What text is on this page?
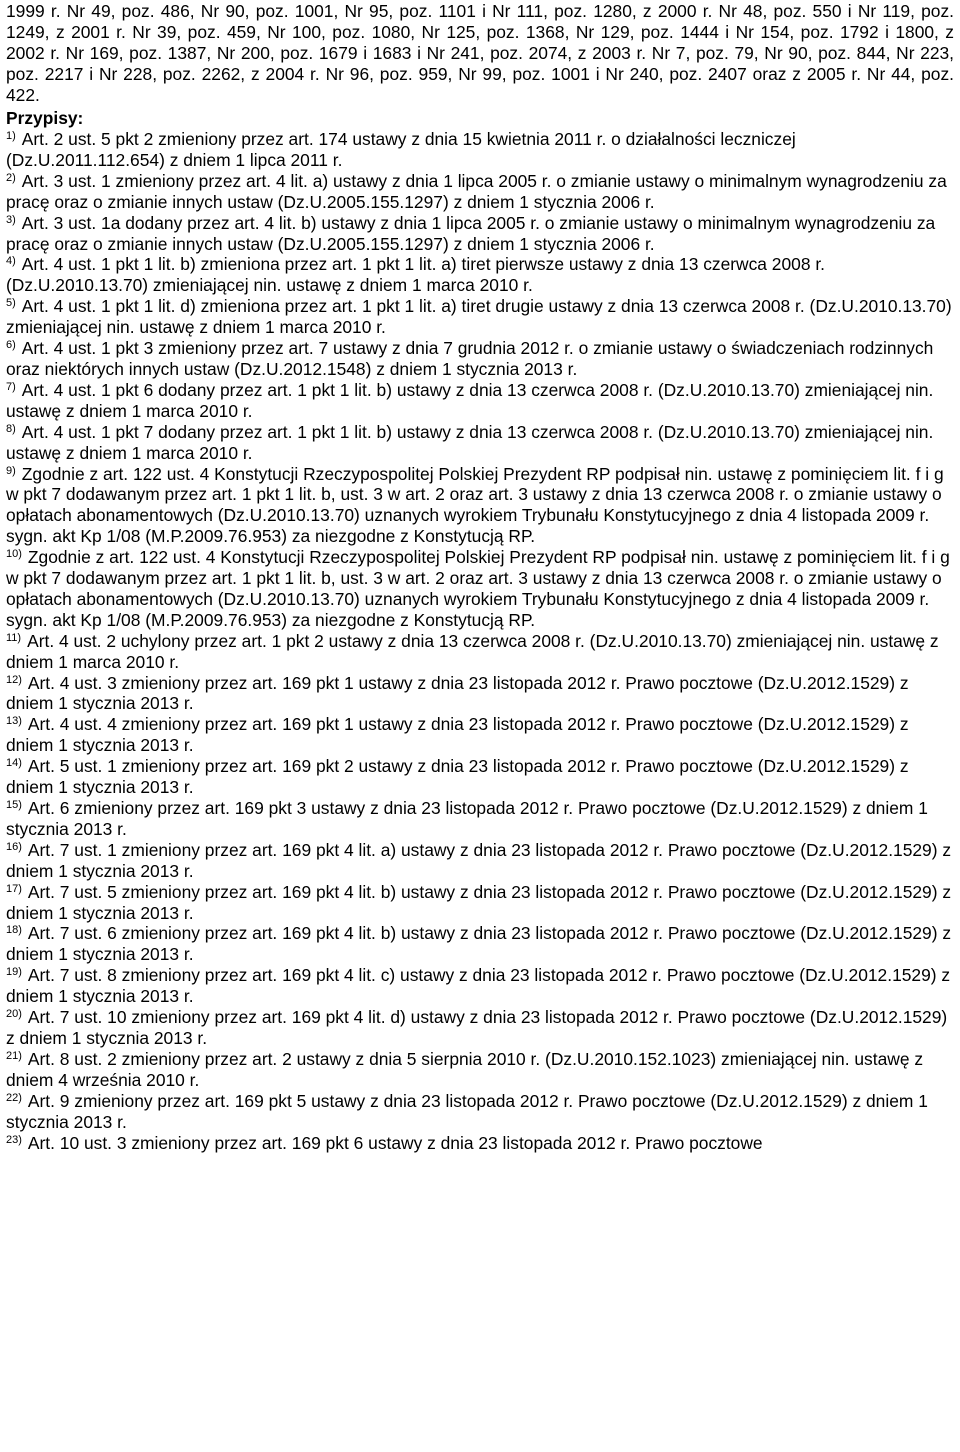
1999 r. Nr 49, poz. 486, Nr 90, poz. 1001, Nr 95, poz. 1101 i Nr 111, poz. 1280, z 2000 r. Nr 48, poz. 550 i Nr 119, poz. 1249, z 2001 r. Nr 39, poz. 459, Nr 100, poz. 1080, Nr 125, poz. 1368, Nr 129, poz. 1444 i Nr 154, poz. 1792 i 1800, z 2002 r. Nr 169, poz. 1387, Nr 200, poz. 1679 i 1683 i Nr 241, poz. 2074, z 2003 r. Nr 7, poz. 79, Nr 90, poz. 844, Nr 223, poz. 2217 i Nr 228, poz. 2262, z 2004 r. Nr 96, poz. 959, Nr 99, poz. 1001 i Nr 240, poz. 2407 oraz z 2005 r. Nr 44, poz. 422.

Przypisy:

$^{1)}$ Art. 2 ust. 5 pkt 2 zmieniony przez art. 174 ustawy z dnia 15 kwietnia 2011 r. o działalności leczniczej (Dz.U.2011.112.654) z dniem 1 lipca 2011 r.

$^{2)}$ Art. 3 ust. 1 zmieniony przez art. 4 lit. a) ustawy z dnia 1 lipca 2005 r. o zmianie ustawy o minimalnym wynagrodzeniu za pracę oraz o zmianie innych ustaw (Dz.U.2005.155.1297) z dniem 1 stycznia 2006 r.

$^{3)}$ Art. 3 ust. 1a dodany przez art. 4 lit. b) ustawy z dnia 1 lipca 2005 r. o zmianie ustawy o minimalnym wynagrodzeniu za pracę oraz o zmianie innych ustaw (Dz.U.2005.155.1297) z dniem 1 stycznia 2006 r.

$^{4)}$ Art. 4 ust. 1 pkt 1 lit. b) zmieniona przez art. 1 pkt 1 lit. a) tiret pierwsze ustawy z dnia 13 czerwca 2008 r. (Dz.U.2010.13.70) zmieniającej nin. ustawę z dniem 1 marca 2010 r.

$^{5)}$ Art. 4 ust. 1 pkt 1 lit. d) zmieniona przez art. 1 pkt 1 lit. a) tiret drugie ustawy z dnia 13 czerwca 2008 r. (Dz.U.2010.13.70) zmieniającej nin. ustawę z dniem 1 marca 2010 r.

$^{6)}$ Art. 4 ust. 1 pkt 3 zmieniony przez art. 7 ustawy z dnia 7 grudnia 2012 r. o zmianie ustawy o świadczeniach rodzinnych oraz niektórych innych ustaw (Dz.U.2012.1548) z dniem 1 stycznia 2013 r.

$^{7)}$ Art. 4 ust. 1 pkt 6 dodany przez art. 1 pkt 1 lit. b) ustawy z dnia 13 czerwca 2008 r. (Dz.U.2010.13.70) zmieniającej nin. ustawę z dniem 1 marca 2010 r.

$^{8)}$ Art. 4 ust. 1 pkt 7 dodany przez art. 1 pkt 1 lit. b) ustawy z dnia 13 czerwca 2008 r. (Dz.U.2010.13.70) zmieniającej nin. ustawę z dniem 1 marca 2010 r.

$^{9)}$ Zgodnie z art. 122 ust. 4 Konstytucji Rzeczypospolitej Polskiej Prezydent RP podpisał nin. ustawę z pominięciem lit. f i g w pkt 7 dodawanym przez art. 1 pkt 1 lit. b, ust. 3 w art. 2 oraz art. 3 ustawy z dnia 13 czerwca 2008 r. o zmianie ustawy o opłatach abonamentowych (Dz.U.2010.13.70) uznanych wyrokiem Trybunału Konstytucyjnego z dnia 4 listopada 2009 r. sygn. akt Kp 1/08 (M.P.2009.76.953) za niezgodne z Konstytucją RP.

$^{10)}$ Zgodnie z art. 122 ust. 4 Konstytucji Rzeczypospolitej Polskiej Prezydent RP podpisał nin. ustawę z pominięciem lit. f i g w pkt 7 dodawanym przez art. 1 pkt 1 lit. b, ust. 3 w art. 2 oraz art. 3 ustawy z dnia 13 czerwca 2008 r. o zmianie ustawy o opłatach abonamentowych (Dz.U.2010.13.70) uznanych wyrokiem Trybunału Konstytucyjnego z dnia 4 listopada 2009 r. sygn. akt Kp 1/08 (M.P.2009.76.953) za niezgodne z Konstytucją RP.

$^{11)}$ Art. 4 ust. 2 uchylony przez art. 1 pkt 2 ustawy z dnia 13 czerwca 2008 r. (Dz.U.2010.13.70) zmieniającej nin. ustawę z dniem 1 marca 2010 r.

$^{12)}$ Art. 4 ust. 3 zmieniony przez art. 169 pkt 1 ustawy z dnia 23 listopada 2012 r. Prawo pocztowe (Dz.U.2012.1529) z dniem 1 stycznia 2013 r.

$^{13)}$ Art. 4 ust. 4 zmieniony przez art. 169 pkt 1 ustawy z dnia 23 listopada 2012 r. Prawo pocztowe (Dz.U.2012.1529) z dniem 1 stycznia 2013 r.

$^{14)}$ Art. 5 ust. 1 zmieniony przez art. 169 pkt 2 ustawy z dnia 23 listopada 2012 r. Prawo pocztowe (Dz.U.2012.1529) z dniem 1 stycznia 2013 r.

$^{15)}$ Art. 6 zmieniony przez art. 169 pkt 3 ustawy z dnia 23 listopada 2012 r. Prawo pocztowe (Dz.U.2012.1529) z dniem 1 stycznia 2013 r.

$^{16)}$ Art. 7 ust. 1 zmieniony przez art. 169 pkt 4 lit. a) ustawy z dnia 23 listopada 2012 r. Prawo pocztowe (Dz.U.2012.1529) z dniem 1 stycznia 2013 r.

$^{17)}$ Art. 7 ust. 5 zmieniony przez art. 169 pkt 4 lit. b) ustawy z dnia 23 listopada 2012 r. Prawo pocztowe (Dz.U.2012.1529) z dniem 1 stycznia 2013 r.

$^{18)}$ Art. 7 ust. 6 zmieniony przez art. 169 pkt 4 lit. b) ustawy z dnia 23 listopada 2012 r. Prawo pocztowe (Dz.U.2012.1529) z dniem 1 stycznia 2013 r.

$^{19)}$ Art. 7 ust. 8 zmieniony przez art. 169 pkt 4 lit. c) ustawy z dnia 23 listopada 2012 r. Prawo pocztowe (Dz.U.2012.1529) z dniem 1 stycznia 2013 r.

$^{20)}$ Art. 7 ust. 10 zmieniony przez art. 169 pkt 4 lit. d) ustawy z dnia 23 listopada 2012 r. Prawo pocztowe (Dz.U.2012.1529) z dniem 1 stycznia 2013 r.

$^{21)}$ Art. 8 ust. 2 zmieniony przez art. 2 ustawy z dnia 5 sierpnia 2010 r. (Dz.U.2010.152.1023) zmieniającej nin. ustawę z dniem 4 września 2010 r.

$^{22)}$ Art. 9 zmieniony przez art. 169 pkt 5 ustawy z dnia 23 listopada 2012 r. Prawo pocztowe (Dz.U.2012.1529) z dniem 1 stycznia 2013 r.

$^{23)}$ Art. 10 ust. 3 zmieniony przez art. 169 pkt 6 ustawy z dnia 23 listopada 2012 r. Prawo pocztowe
